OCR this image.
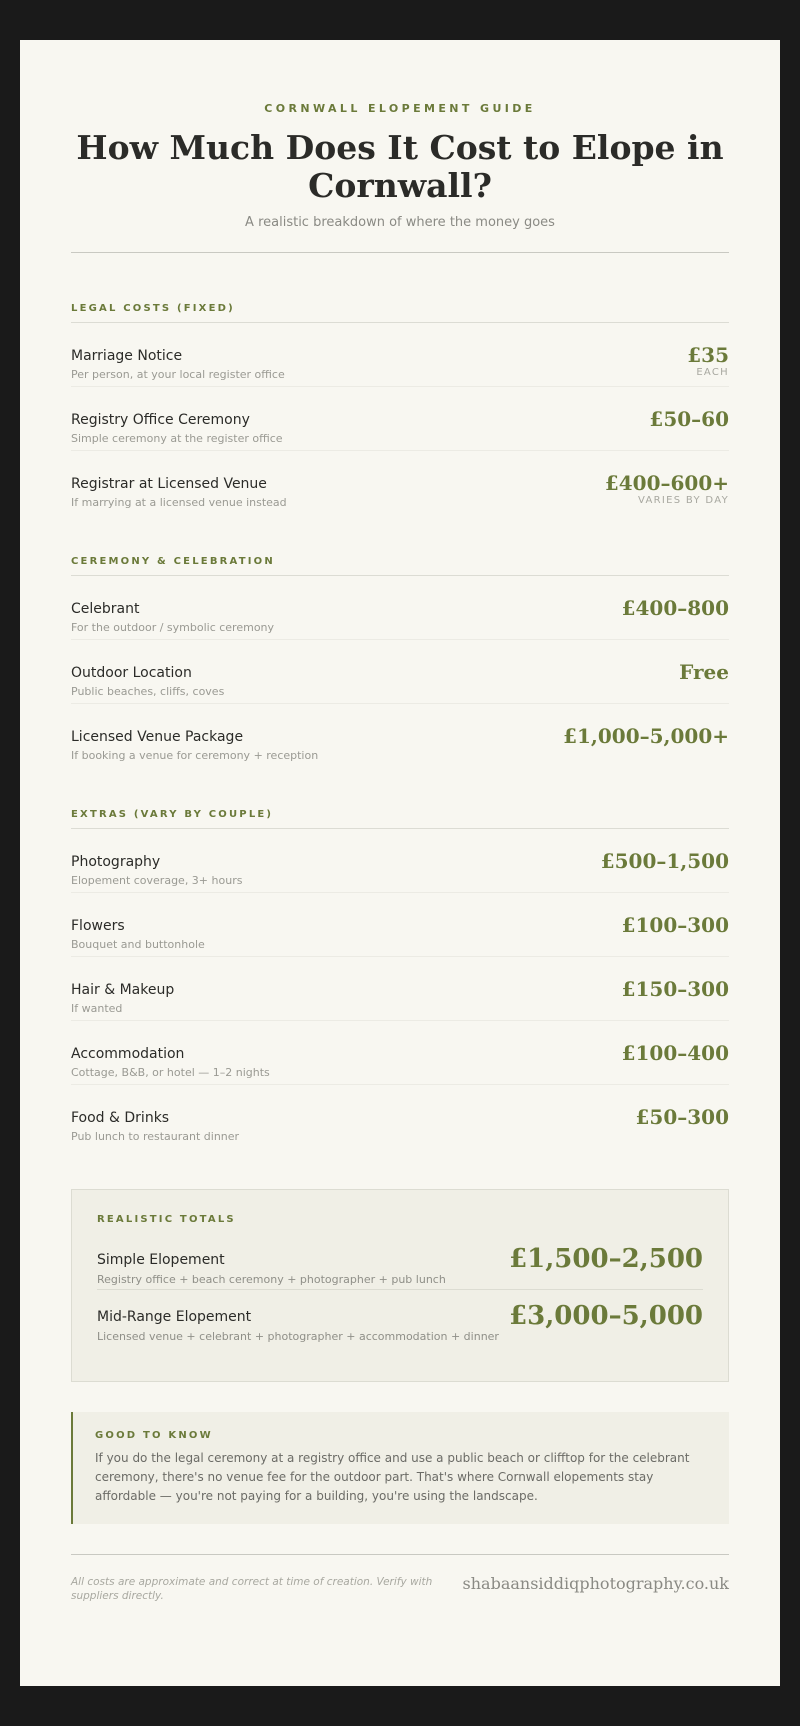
CORNWALL ELOPEMENT GUIDE
How Much Does It Cost to Elope in Cornwall?
A realistic breakdown of where the money goes
LEGAL COSTS (FIXED)
Marriage Notice
Per person, at your local register office
£35
EACH
Registry Office Ceremony
Simple ceremony at the register office
£50–60
Registrar at Licensed Venue
If marrying at a licensed venue instead
£400–600+
VARIES BY DAY
CEREMONY & CELEBRATION
Celebrant
For the outdoor / symbolic ceremony
£400–800
Outdoor Location
Public beaches, cliffs, coves
Free
Licensed Venue Package
If booking a venue for ceremony + reception
£1,000–5,000+
EXTRAS (VARY BY COUPLE)
Photography
Elopement coverage, 3+ hours
£500–1,500
Flowers
Bouquet and buttonhole
£100–300
Hair & Makeup
If wanted
£150–300
Accommodation
Cottage, B&B, or hotel — 1–2 nights
£100–400
Food & Drinks
Pub lunch to restaurant dinner
£50–300
REALISTIC TOTALS
Simple Elopement
Registry office + beach ceremony + photographer + pub lunch
£1,500–2,500
Mid-Range Elopement
Licensed venue + celebrant + photographer + accommodation + dinner
£3,000–5,000
GOOD TO KNOW
If you do the legal ceremony at a registry office and use a public beach or clifftop for the celebrant ceremony, there's no venue fee for the outdoor part. That's where Cornwall elopements stay affordable — you're not paying for a building, you're using the landscape.
All costs are approximate and correct at time of creation. Verify with suppliers directly.
shabaansiddiqphotography.co.uk
